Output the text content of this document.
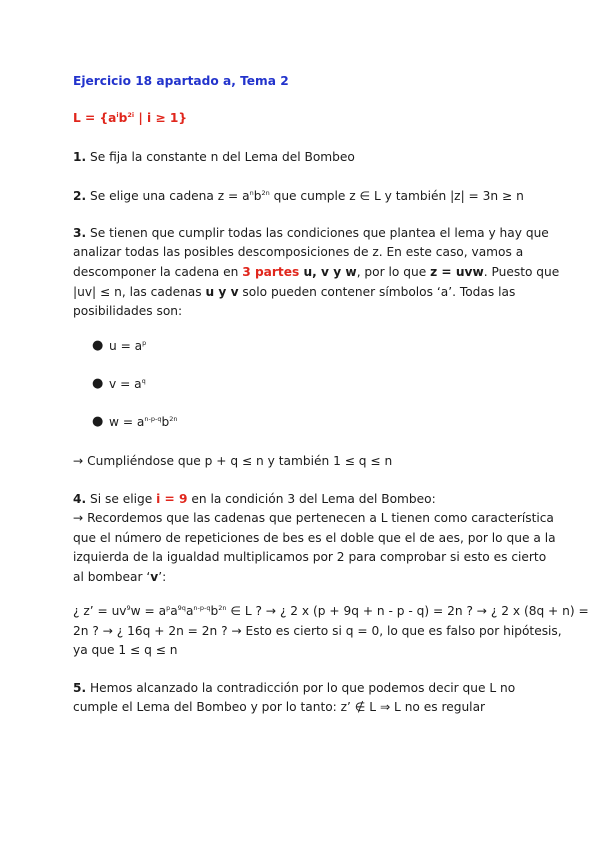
Ejercicio 18 apartado a, Tema 2
$L = \{a^ib^{2i}$ | i ≥ 1}
1. Se fija la constante n del Lema del Bombeo
2. Se elige una cadena $z = a^nb^{2n}$ que cumple z ∈ L y también |z| = 3n ≥ n
3. Se tienen que cumplir todas las condiciones que plantea el lema y hay que
analizar todas las posibles descomposiciones de z. En este caso, vamos a
descomponer la cadena en 3 partes u, v y w, por lo que z = uvw. Puesto que
|uv| ≤ n, las cadenas u y v solo pueden contener símbolos ‘a’. Todas las
posibilidades son:
● $u = a^p$
● $v = a^q$
● $w = a^{n-p-q}b^{2n}$
→ Cumpliéndose que p + q ≤ n y también 1 ≤ q ≤ n
4. Si se elige i = 9 en la condición 3 del Lema del Bombeo:
→ Recordemos que las cadenas que pertenecen a L tienen como característica
que el número de repeticiones de bes es el doble que el de aes, por lo que a la
izquierda de la igualdad multiplicamos por 2 para comprobar si esto es cierto
al bombear ‘v’:
¿ z’ = $uv^9w = a^pa^{9q}a^{n-p-q}b^{2n}$ ∈ L ? → ¿ 2 x (p + 9q + n - p - q) = 2n ? → ¿ 2 x (8q + n) =
2n ? → ¿ 16q + 2n = 2n ? → Esto es cierto si q = 0, lo que es falso por hipótesis,
ya que 1 ≤ q ≤ n
5. Hemos alcanzado la contradicción por lo que podemos decir que L no
cumple el Lema del Bombeo y por lo tanto: z’ ∉ L ⇒ L no es regular
